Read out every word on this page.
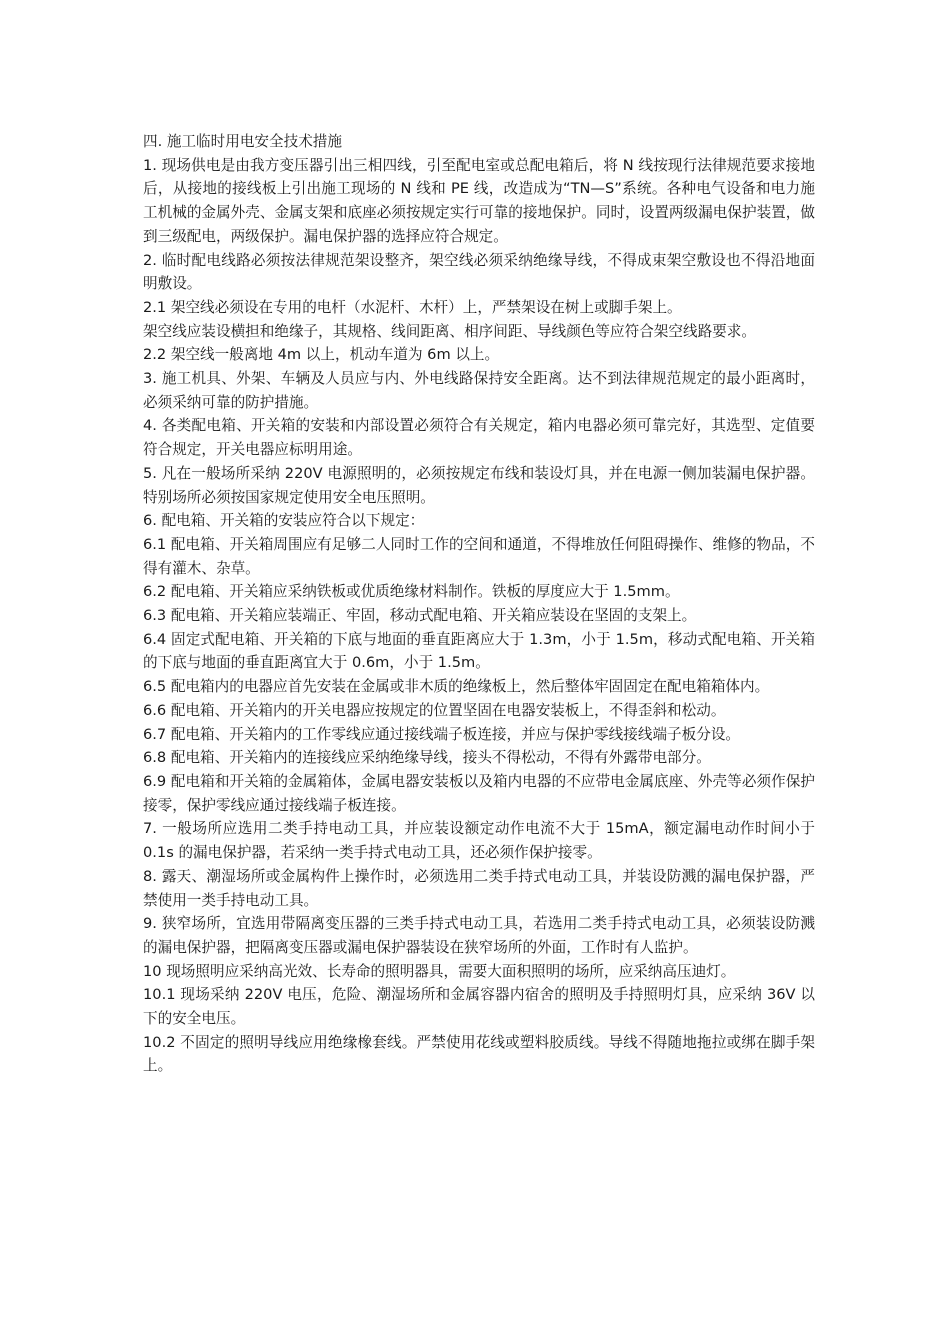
四. 施工临时用电安全技术措施

1. 现场供电是由我方变压器引出三相四线，引至配电室或总配电箱后，将 N 线按现行法律规范要求接地后，从接地的接线板上引出施工现场的 N 线和 PE 线，改造成为“TN—S”系统。各种电气设备和电力施工机械的金属外壳、金属支架和底座必须按规定实行可靠的接地保护。同时，设置两级漏电保护装置，做到三级配电，两级保护。漏电保护器的选择应符合规定。

2. 临时配电线路必须按法律规范架设整齐，架空线必须采纳绝缘导线，不得成束架空敷设也不得沿地面明敷设。

2.1 架空线必须设在专用的电杆（水泥杆、木杆）上，严禁架设在树上或脚手架上。

架空线应装设横担和绝缘子，其规格、线间距离、相序间距、导线颜色等应符合架空线路要求。

2.2 架空线一般离地 4m 以上，机动车道为 6m 以上。

3. 施工机具、外架、车辆及人员应与内、外电线路保持安全距离。达不到法律规范规定的最小距离时，必须采纳可靠的防护措施。

4. 各类配电箱、开关箱的安装和内部设置必须符合有关规定，箱内电器必须可靠完好，其选型、定值要符合规定，开关电器应标明用途。

5. 凡在一般场所采纳 220V 电源照明的，必须按规定布线和装设灯具，并在电源一侧加装漏电保护器。特别场所必须按国家规定使用安全电压照明。

6. 配电箱、开关箱的安装应符合以下规定：

6.1 配电箱、开关箱周围应有足够二人同时工作的空间和通道，不得堆放任何阻碍操作、维修的物品，不得有灌木、杂草。

6.2 配电箱、开关箱应采纳铁板或优质绝缘材料制作。铁板的厚度应大于 1.5mm。

6.3 配电箱、开关箱应装端正、牢固，移动式配电箱、开关箱应装设在坚固的支架上。

6.4 固定式配电箱、开关箱的下底与地面的垂直距离应大于 1.3m，小于 1.5m，移动式配电箱、开关箱的下底与地面的垂直距离宜大于 0.6m，小于 1.5m。

6.5 配电箱内的电器应首先安装在金属或非木质的绝缘板上，然后整体牢固固定在配电箱箱体内。

6.6 配电箱、开关箱内的开关电器应按规定的位置坚固在电器安装板上，不得歪斜和松动。

6.7 配电箱、开关箱内的工作零线应通过接线端子板连接，并应与保护零线接线端子板分设。

6.8 配电箱、开关箱内的连接线应采纳绝缘导线，接头不得松动，不得有外露带电部分。

6.9 配电箱和开关箱的金属箱体，金属电器安装板以及箱内电器的不应带电金属底座、外壳等必须作保护接零，保护零线应通过接线端子板连接。

7. 一般场所应选用二类手持电动工具，并应装设额定动作电流不大于 15mA，额定漏电动作时间小于 0.1s 的漏电保护器，若采纳一类手持式电动工具，还必须作保护接零。

8. 露天、潮湿场所或金属构件上操作时，必须选用二类手持式电动工具，并装设防溅的漏电保护器，严禁使用一类手持电动工具。

9. 狭窄场所，宜选用带隔离变压器的三类手持式电动工具，若选用二类手持式电动工具，必须装设防溅的漏电保护器，把隔离变压器或漏电保护器装设在狭窄场所的外面，工作时有人监护。

10 现场照明应采纳高光效、长寿命的照明器具，需要大面积照明的场所，应采纳高压迪灯。

10.1 现场采纳 220V 电压，危险、潮湿场所和金属容器内宿舍的照明及手持照明灯具，应采纳 36V 以下的安全电压。

10.2 不固定的照明导线应用绝缘橡套线。严禁使用花线或塑料胶质线。导线不得随地拖拉或绑在脚手架上。
